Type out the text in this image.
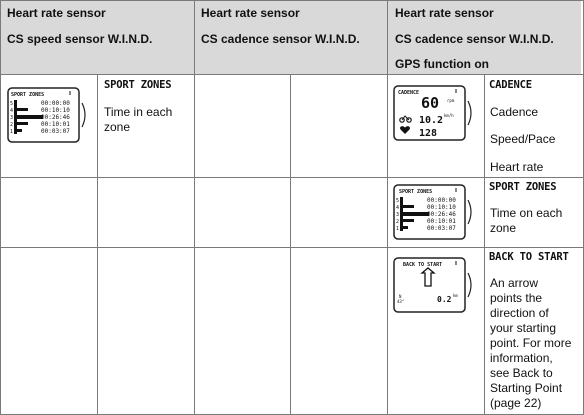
Heart rate sensor
CS speed sensor W.I.N.D.
Heart rate sensor
CS cadence sensor W.I.N.D.
Heart rate sensor
CS cadence sensor W.I.N.D.
GPS function on
SPORT ZONES
5
4
3
2
1
00:00:00
00:10:10
00:26:46
00:10:01
00:03:07
SPORT ZONES
Time in each
zone
CADENCE
60 rpm
10.2 km/h
128
CADENCE
Cadence
Speed/Pace
Heart rate
SPORT ZONES
5
4
3
2
1
00:00:00
00:10:10
00:26:46
00:10:01
00:03:07
SPORT ZONES
Time on each
zone
BACK TO START
N
43°	0.2 km
BACK TO START
An arrow
points the
direction of
your starting
point. For more
information,
see Back to
Starting Point
(page 22)
